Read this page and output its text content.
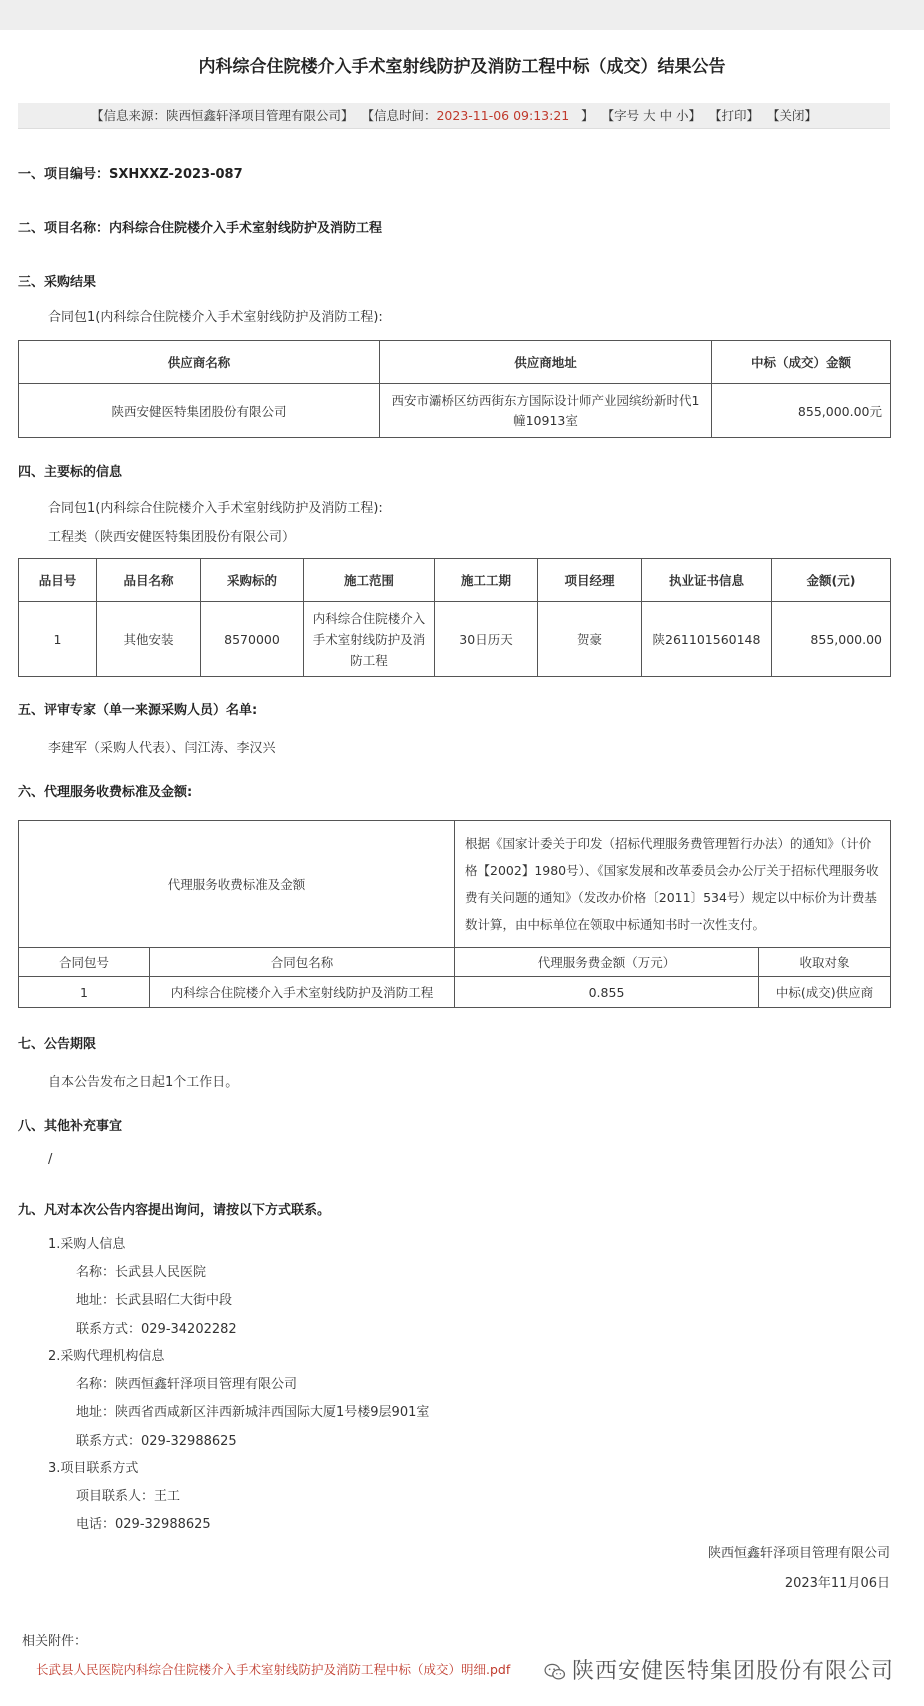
内科综合住院楼介入手术室射线防护及消防工程中标（成交）结果公告
【信息来源：陕西恒鑫轩泽项目管理有限公司】 【信息时间：2023-11-06 09:13:21 】 【字号 大 中 小】 【打印】 【关闭】
一、项目编号：SXHXXZ-2023-087
二、项目名称：内科综合住院楼介入手术室射线防护及消防工程
三、采购结果
合同包1(内科综合住院楼介入手术室射线防护及消防工程):
供应商名称	供应商地址	中标（成交）金额
陕西安健医特集团股份有限公司	西安市灞桥区纺西街东方国际设计师产业园缤纷新时代1幢10913室	855,000.00元
四、主要标的信息
合同包1(内科综合住院楼介入手术室射线防护及消防工程):
工程类（陕西安健医特集团股份有限公司）
品目号	品目名称	采购标的	施工范围	施工工期	项目经理	执业证书信息	金额(元)
1	其他安装	8570000	内科综合住院楼介入手术室射线防护及消防工程	30日历天	贺豪	陕261101560148	855,000.00
五、评审专家（单一来源采购人员）名单:
李建军（采购人代表）、闫江涛、李汉兴
六、代理服务收费标准及金额:
代理服务收费标准及金额		根据《国家计委关于印发（招标代理服务费管理暂行办法）的通知》（计价格【2002】1980号）、《国家发展和改革委员会办公厅关于招标代理服务收费有关问题的通知》（发改办价格〔2011〕534号）规定以中标价为计费基数计算，由中标单位在领取中标通知书时一次性支付。	
合同包号	合同包名称	代理服务费金额（万元）	收取对象
1	内科综合住院楼介入手术室射线防护及消防工程	0.855	中标(成交)供应商
七、公告期限
自本公告发布之日起1个工作日。
八、其他补充事宜
/
九、凡对本次公告内容提出询问，请按以下方式联系。
1.采购人信息
名称：长武县人民医院
地址：长武县昭仁大街中段
联系方式：029-34202282
2.采购代理机构信息
名称：陕西恒鑫轩泽项目管理有限公司
地址：陕西省西咸新区沣西新城沣西国际大厦1号楼9层901室
联系方式：029-32988625
3.项目联系方式
项目联系人：王工
电话：029-32988625
陕西恒鑫轩泽项目管理有限公司
2023年11月06日
相关附件：
长武县人民医院内科综合住院楼介入手术室射线防护及消防工程中标（成交）明细.pdf	陕西安健医特集团股份有限公司
